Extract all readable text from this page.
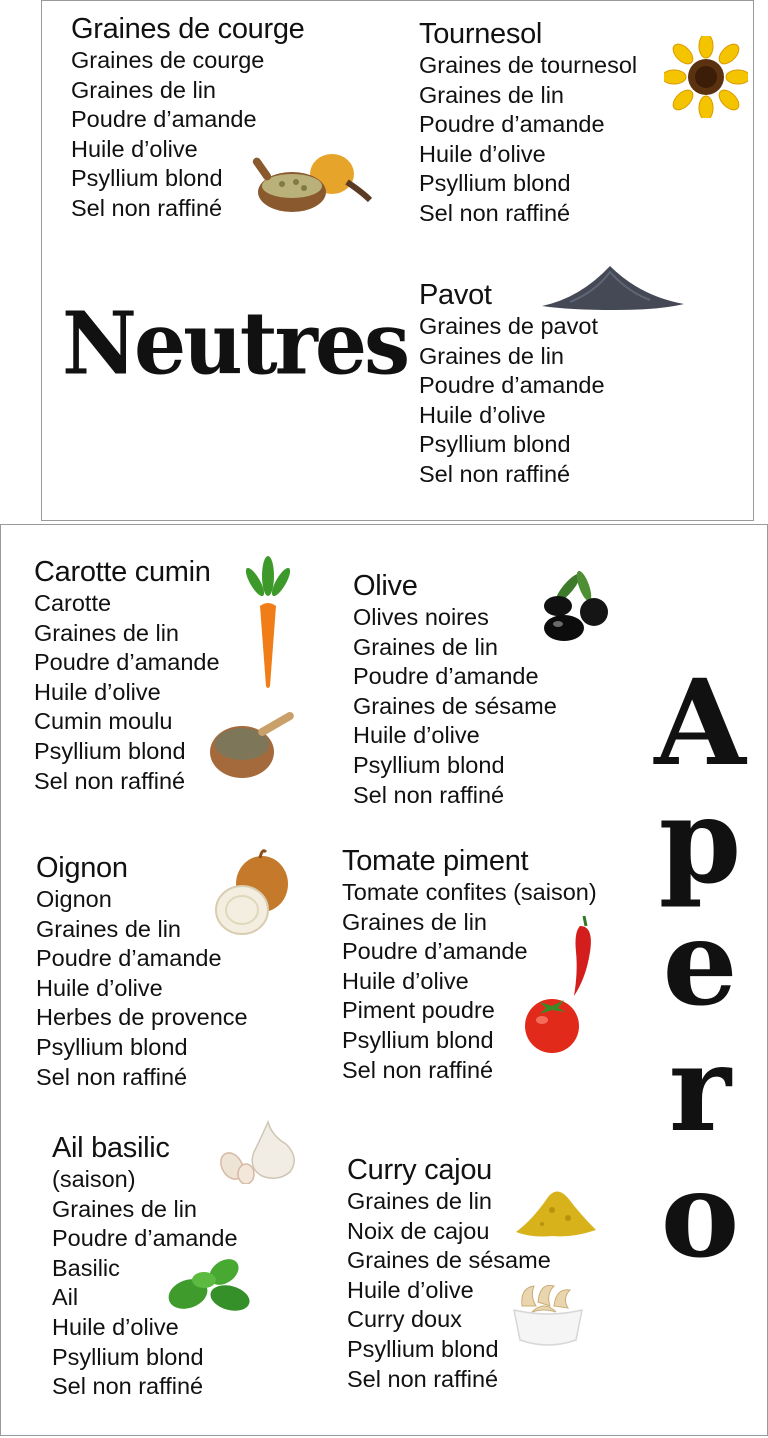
Graines de courge
Graines de courge
Graines de lin
Poudre d’amande
Huile d’olive
Psyllium blond
Sel non raffiné
Tournesol
Graines de tournesol
Graines de lin
Poudre d’amande
Huile d’olive
Psyllium blond
Sel non raffiné
Pavot
Graines de pavot
Graines de lin
Poudre d’amande
Huile d’olive
Psyllium blond
Sel non raffiné
Neutres
Carotte cumin
Carotte
Graines de lin
Poudre d’amande
Huile d’olive
Cumin moulu
Psyllium blond
Sel non raffiné
Olive
Olives noires
Graines de lin
Poudre d’amande
Graines de sésame
Huile d’olive
Psyllium blond
Sel non raffiné
Oignon
Oignon
Graines de lin
Poudre d’amande
Huile d’olive
Herbes de provence
Psyllium blond
Sel non raffiné
Tomate piment
Tomate confites (saison)
Graines de lin
Poudre d’amande
Huile d’olive
Piment poudre
Psyllium blond
Sel non raffiné
Ail basilic
(saison)
Graines de lin
Poudre d’amande
Basilic
Ail
Huile d’olive
Psyllium blond
Sel non raffiné
Curry cajou
Graines de lin
Noix de cajou
Graines de sésame
Huile d’olive
Curry doux
Psyllium blond
Sel non raffiné
A
p
e
r
o
